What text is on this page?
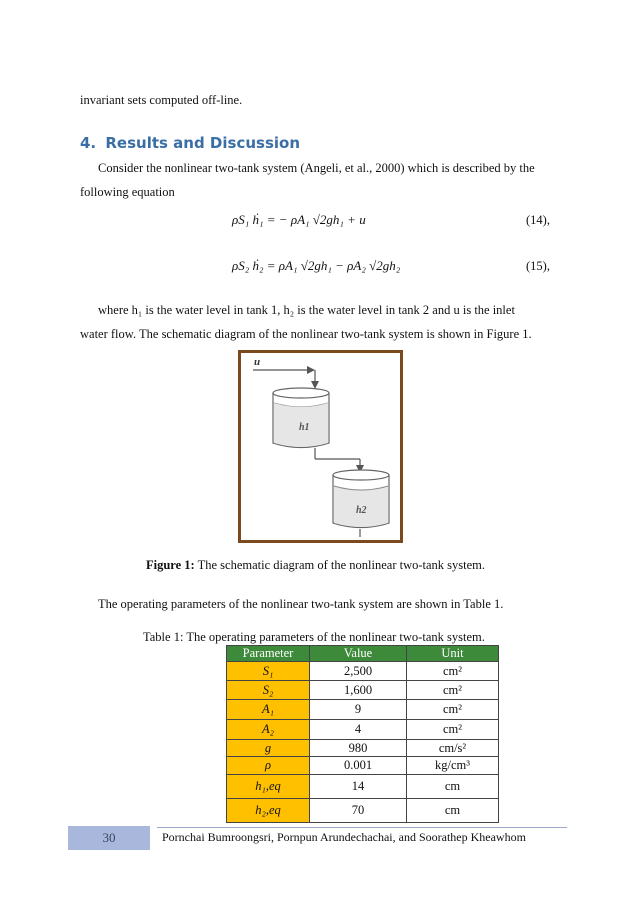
invariant sets computed off-line.
4. Results and Discussion
Consider the nonlinear two-tank system (Angeli, et al., 2000) which is described by the
following equation
ρS₁ ḣ₁ = − ρA₁ √2gh₁ + u	(14),
ρS₂ ḣ₂ = ρA₁ √2gh₁ − ρA₂ √2gh₂	(15),
where h₁ is the water level in tank 1, h₂ is the water level in tank 2 and u is the inlet
water flow. The schematic diagram of the nonlinear two-tank system is shown in Figure 1.
u
h1
h2
Figure 1: The schematic diagram of the nonlinear two-tank system.
The operating parameters of the nonlinear two-tank system are shown in Table 1.
Table 1: The operating parameters of the nonlinear two-tank system.
Parameter	Value	Unit
S₁	2,500	cm²
S₂	1,600	cm²
A₁	9	cm²
A₂	4	cm²
g	980	cm/s²
ρ	0.001	kg/cm³
h₁,eq	14	cm
h₂,eq	70	cm
30	Pornchai Bumroongsri, Pornpun Arundechachai, and Soorathep Kheawhom
